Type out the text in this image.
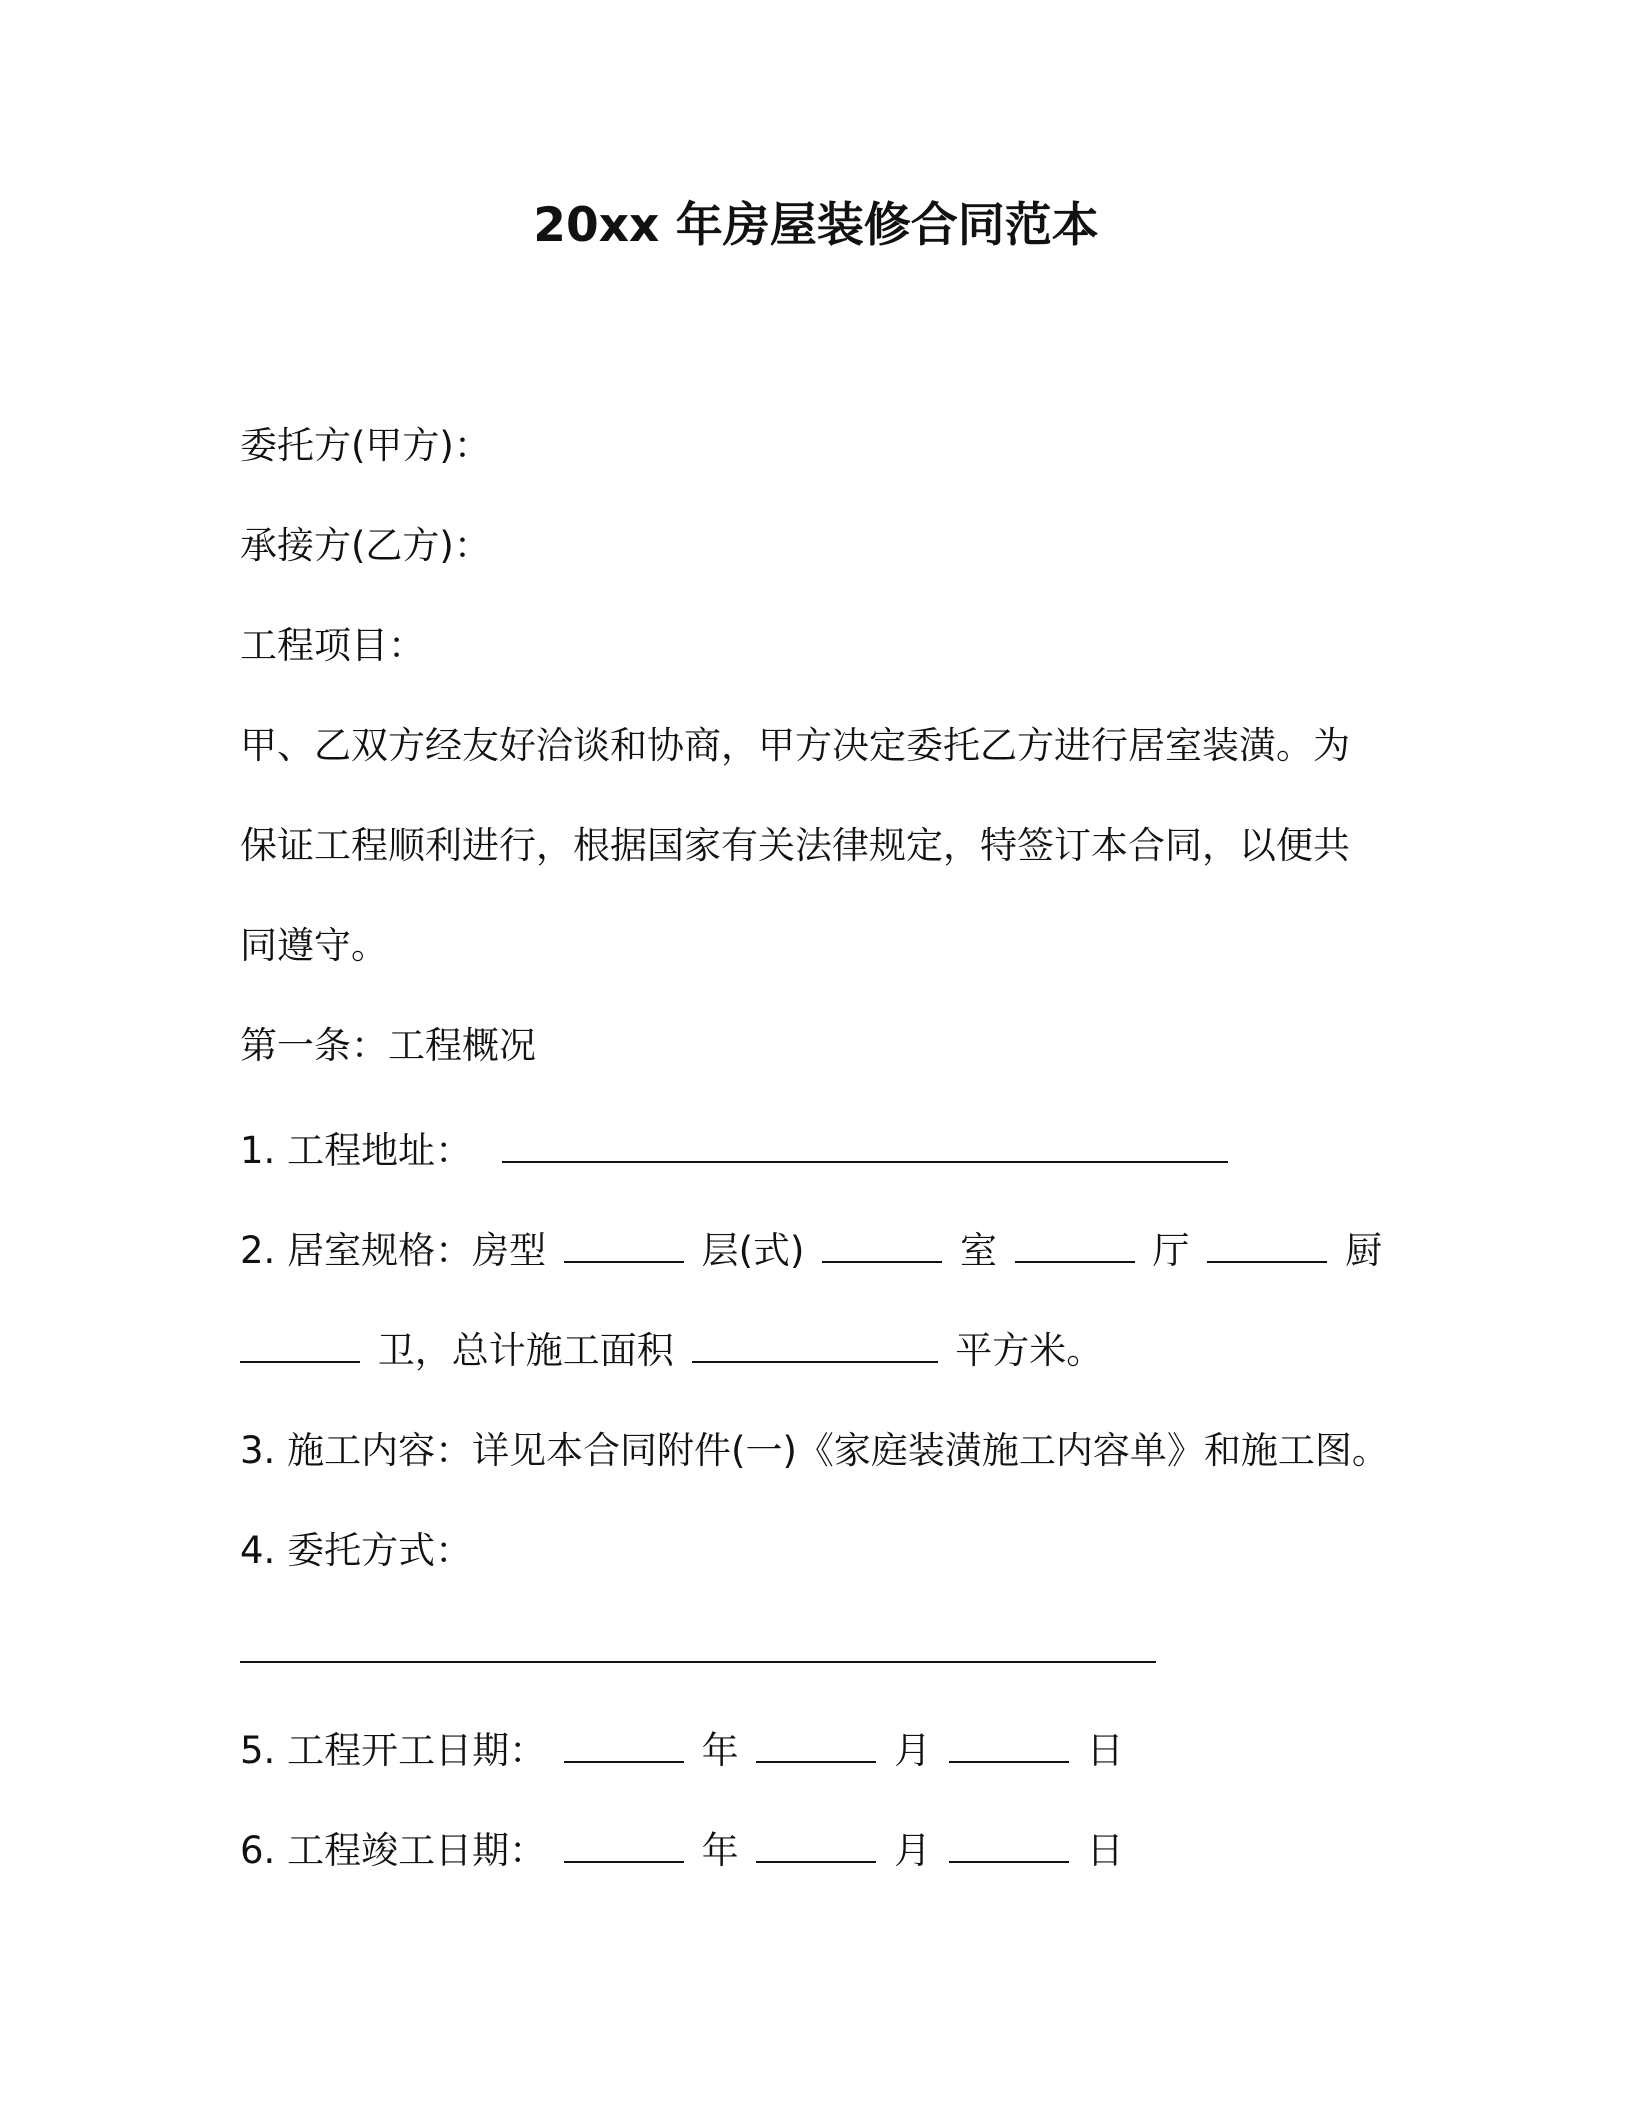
20xx 年房屋装修合同范本
委托方(甲方)：
承接方(乙方)：
工程项目：
甲、乙双方经友好洽谈和协商，甲方决定委托乙方进行居室装潢。为
保证工程顺利进行，根据国家有关法律规定，特签订本合同，以便共
同遵守。
第一条：工程概况
1. 工程地址：
2. 居室规格：房型	层(式)	室	厅	厨
卫，总计施工面积	平方米。
3. 施工内容：详见本合同附件(一)《家庭装潢施工内容单》和施工图。
4. 委托方式：
5. 工程开工日期：	年	月	日
6. 工程竣工日期：	年	月	日
